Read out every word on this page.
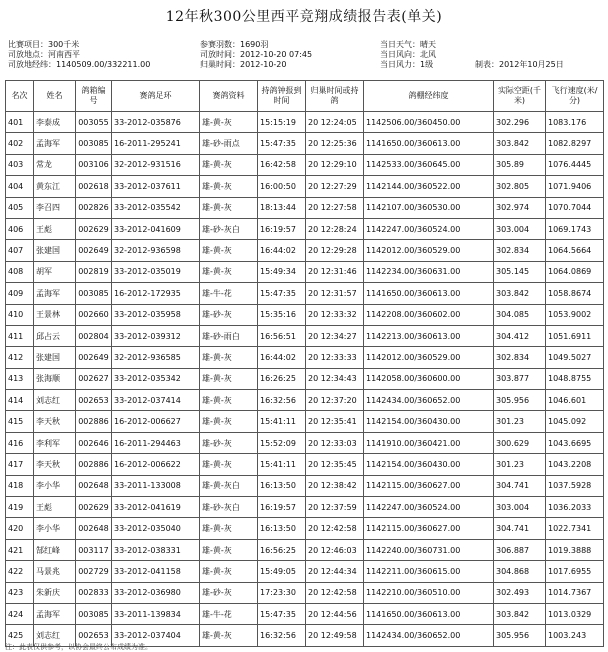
12年秋300公里西平竞翔成绩报告表(单关)
比赛项目：300千米
司放地点：河南西平
司放地经纬：1140509.00/332211.00
参赛羽数：1690羽
司放时间：2012-10-20 07:45
归巢时间：2012-10-20
当日天气：晴天
当日风向：北风
当日风力：1级	制表：2012年10月25日
名次	姓名	鸽箱编号	赛鸽足环	赛鸽资料	持鸽钟报到时间	归巢时间或持鸽	鸽棚经纬度	实际空距(千米)	飞行速度(米/分)
401	李泰成	003055	33-2012-035876	雄-黄-灰	15:15:19	20 12:24:05	1142506.00/360450.00	302.296	1083.176
402	孟海军	003085	16-2011-295241	雄-砂-雨点	15:47:35	20 12:25:36	1141650.00/360613.00	303.842	1082.8297
403	常龙	003106	32-2012-931516	雄-黄-灰	16:42:58	20 12:29:10	1142533.00/360645.00	305.89	1076.4445
404	黄东江	002618	33-2012-037611	雄-黄-灰	16:00:50	20 12:27:29	1142144.00/360522.00	302.805	1071.9406
405	李召四	002826	33-2012-035542	雄-黄-灰	18:13:44	20 12:27:58	1142107.00/360530.00	302.974	1070.7044
406	王彪	002629	33-2012-041609	雄-砂-灰白	16:19:57	20 12:28:24	1142247.00/360524.00	303.004	1069.1743
407	张建国	002649	32-2012-936598	雄-黄-灰	16:44:02	20 12:29:28	1142012.00/360529.00	302.834	1064.5664
408	胡军	002819	33-2012-035019	雄-黄-灰	15:49:34	20 12:31:46	1142234.00/360631.00	305.145	1064.0869
409	孟海军	003085	16-2012-172935	雄-牛-花	15:47:35	20 12:31:57	1141650.00/360613.00	303.842	1058.8674
410	王景林	002660	33-2012-035958	雄-砂-灰	15:35:16	20 12:33:32	1142208.00/360602.00	304.085	1053.9002
411	邱占云	002804	33-2012-039312	雄-砂-雨白	16:56:51	20 12:34:27	1142213.00/360613.00	304.412	1051.6911
412	张建国	002649	32-2012-936585	雄-黄-灰	16:44:02	20 12:33:33	1142012.00/360529.00	302.834	1049.5027
413	张海顺	002627	33-2012-035342	雄-黄-灰	16:26:25	20 12:34:43	1142058.00/360600.00	303.877	1048.8755
414	刘志红	002653	33-2012-037414	雄-黄-灰	16:32:56	20 12:37:20	1142434.00/360652.00	305.956	1046.601
415	李天秋	002886	16-2012-006627	雄-黄-灰	15:41:11	20 12:35:41	1142154.00/360430.00	301.23	1045.092
416	李利军	002646	16-2011-294463	雄-砂-灰	15:52:09	20 12:33:03	1141910.00/360421.00	300.629	1043.6695
417	李天秋	002886	16-2012-006622	雄-黄-灰	15:41:11	20 12:35:45	1142154.00/360430.00	301.23	1043.2208
418	李小华	002648	33-2011-133008	雄-黄-灰白	16:13:50	20 12:38:42	1142115.00/360627.00	304.741	1037.5928
419	王彪	002629	33-2012-041619	雄-砂-灰白	16:19:57	20 12:37:59	1142247.00/360524.00	303.004	1036.2033
420	李小华	002648	33-2012-035040	雄-黄-灰	16:13:50	20 12:42:58	1142115.00/360627.00	304.741	1022.7341
421	郜红峰	003117	33-2012-038331	雄-黄-灰	16:56:25	20 12:46:03	1142240.00/360731.00	306.887	1019.3888
422	马景兆	002729	33-2012-041158	雄-黄-灰	15:49:05	20 12:44:34	1142211.00/360615.00	304.868	1017.6955
423	朱新庆	002833	33-2012-036980	雄-砂-灰	17:23:30	20 12:42:58	1142210.00/360510.00	302.493	1014.7367
424	孟海军	003085	33-2011-139834	雄-牛-花	15:47:35	20 12:44:56	1141650.00/360613.00	303.842	1013.0329
425	刘志红	002653	33-2012-037404	雄-黄-灰	16:32:56	20 12:49:58	1142434.00/360652.00	305.956	1003.243
注：此表仅供参考，以协会最终公布成绩为准。
